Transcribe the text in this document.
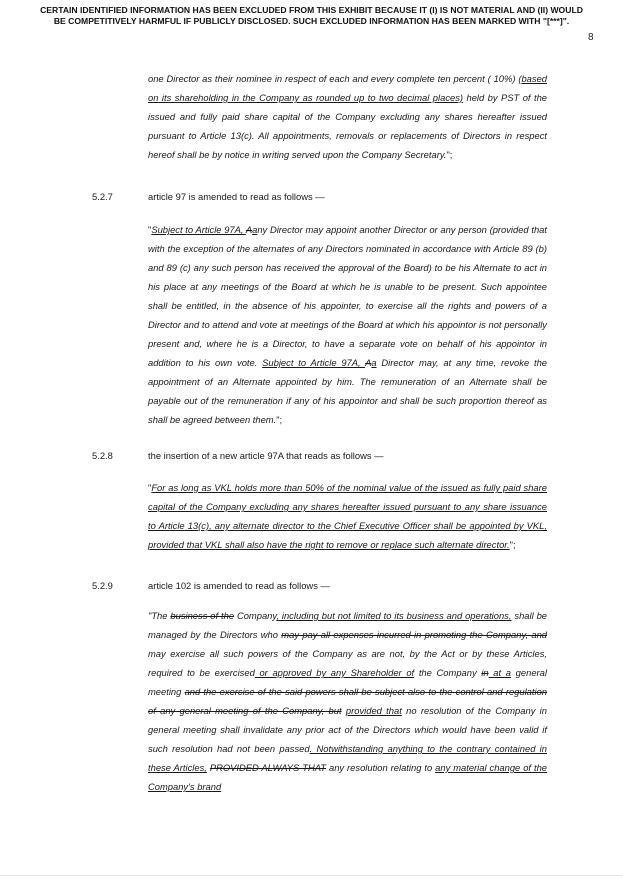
CERTAIN IDENTIFIED INFORMATION HAS BEEN EXCLUDED FROM THIS EXHIBIT BECAUSE IT (I) IS NOT MATERIAL AND (II) WOULD
BE COMPETITIVELY HARMFUL IF PUBLICLY DISCLOSED. SUCH EXCLUDED INFORMATION HAS BEEN MARKED WITH "[***]".
8

one Director as their nominee in respect of each and every complete ten percent ( 10%) (based on its shareholding in the Company as rounded up to two decimal places) held by PST of the issued and fully paid share capital of the Company excluding any shares hereafter issued pursuant to Article 13(c). All appointments, removals or replacements of Directors in respect hereof shall be by notice in writing served upon the Company Secretary.";

5.2.7	article 97 is amended to read as follows —

"Subject to Article 97A, Aany Director may appoint another Director or any person (provided that with the exception of the alternates of any Directors nominated in accordance with Article 89 (b) and 89 (c) any such person has received the approval of the Board) to be his Alternate to act in his place at any meetings of the Board at which he is unable to be present. Such appointee shall be entitled, in the absence of his appointer, to exercise all the rights and powers of a Director and to attend and vote at meetings of the Board at which his appointor is not personally present and, where he is a Director, to have a separate vote on behalf of his appointor in addition to his own vote. Subject to Article 97A, Aa Director may, at any time, revoke the appointment of an Alternate appointed by him. The remuneration of an Alternate shall be payable out of the remuneration if any of his appointor and shall be such proportion thereof as shall be agreed between them.";

5.2.8	the insertion of a new article 97A that reads as follows —

"For as long as VKL holds more than 50% of the nominal value of the issued as fully paid share capital of the Company excluding any shares hereafter issued pursuant to any share issuance to Article 13(c), any alternate director to the Chief Executive Officer shall be appointed by VKL, provided that VKL shall also have the right to remove or replace such alternate director.";

5.2.9	article 102 is amended to read as follows —

"The business of the Company, including but not limited to its business and operations, shall be managed by the Directors who may pay all expenses incurred in promoting the Company, and may exercise all such powers of the Company as are not, by the Act or by these Articles, required to be exercised or approved by any Shareholder of the Company in at a general meeting and the exercise of the said powers shall be subject also to the control and regulation of any general meeting of the Company, but provided that no resolution of the Company in general meeting shall invalidate any prior act of the Directors which would have been valid if such resolution had not been passed. Notwithstanding anything to the contrary contained in these Articles, PROVIDED ALWAYS THAT any resolution relating to any material change of the Company's brand
